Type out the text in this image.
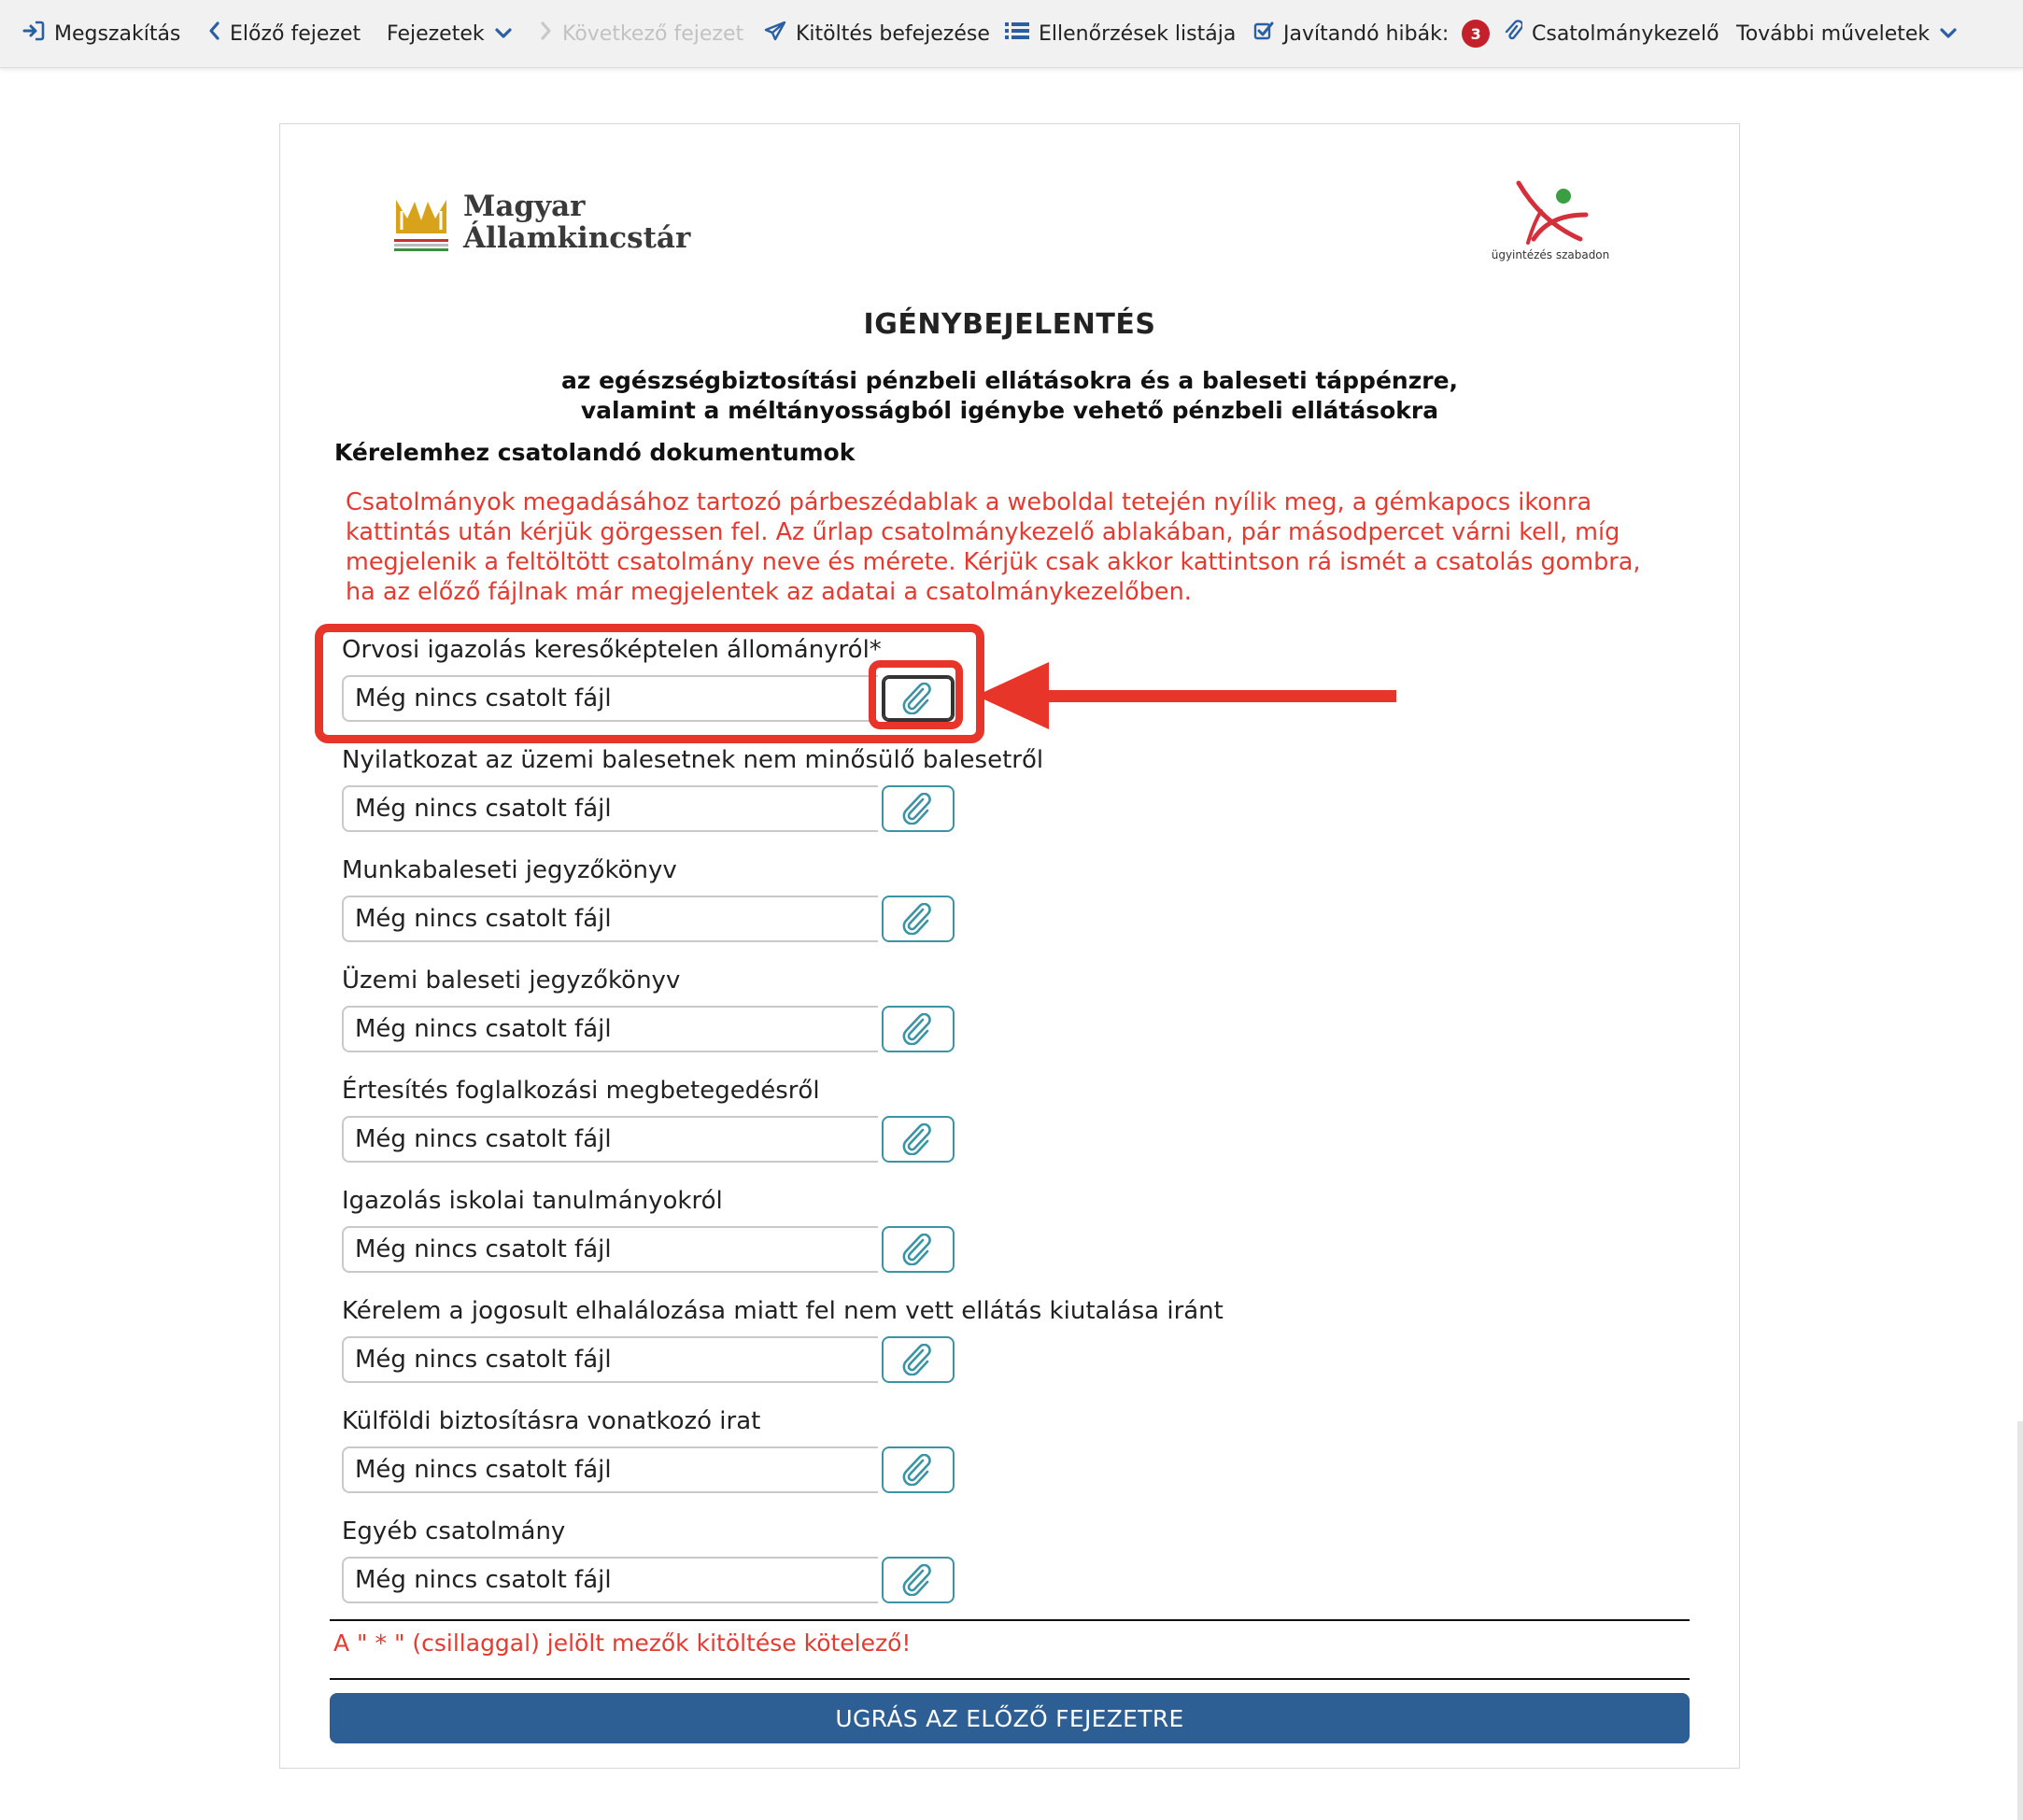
Megszakítás Előző fejezet Fejezetek	Következő fejezet	Kitöltés befejezése Ellenőrzések listája Javítandó hibák:	3	Csatolmánykezelő További műveletek
Magyar
Államkincstár	ügyintézés szabadon
IGÉNYBEJELENTÉS
az egészségbiztosítási pénzbeli ellátásokra és a baleseti táppénzre,
valamint a méltányosságból igénybe vehető pénzbeli ellátásokra
Kérelemhez csatolandó dokumentumok
Csatolmányok megadásához tartozó párbeszédablak a weboldal tetején nyílik meg, a gémkapocs ikonra kattintás után kérjük görgessen fel. Az űrlap csatolmánykezelő ablakában, pár másodpercet várni kell, míg megjelenik a feltöltött csatolmány neve és mérete. Kérjük csak akkor kattintson rá ismét a csatolás gombra, ha az előző fájlnak már megjelentek az adatai a csatolmánykezelőben.
Orvosi igazolás keresőképtelen állományról*
Még nincs csatolt fájl
Nyilatkozat az üzemi balesetnek nem minősülő balesetről
Még nincs csatolt fájl
Munkabaleseti jegyzőkönyv
Még nincs csatolt fájl
Üzemi baleseti jegyzőkönyv
Még nincs csatolt fájl
Értesítés foglalkozási megbetegedésről
Még nincs csatolt fájl
Igazolás iskolai tanulmányokról
Még nincs csatolt fájl
Kérelem a jogosult elhalálozása miatt fel nem vett ellátás kiutalása iránt
Még nincs csatolt fájl
Külföldi biztosításra vonatkozó irat
Még nincs csatolt fájl
Egyéb csatolmány
Még nincs csatolt fájl
A " * " (csillaggal) jelölt mezők kitöltése kötelező!
UGRÁS AZ ELŐZŐ FEJEZETRE
